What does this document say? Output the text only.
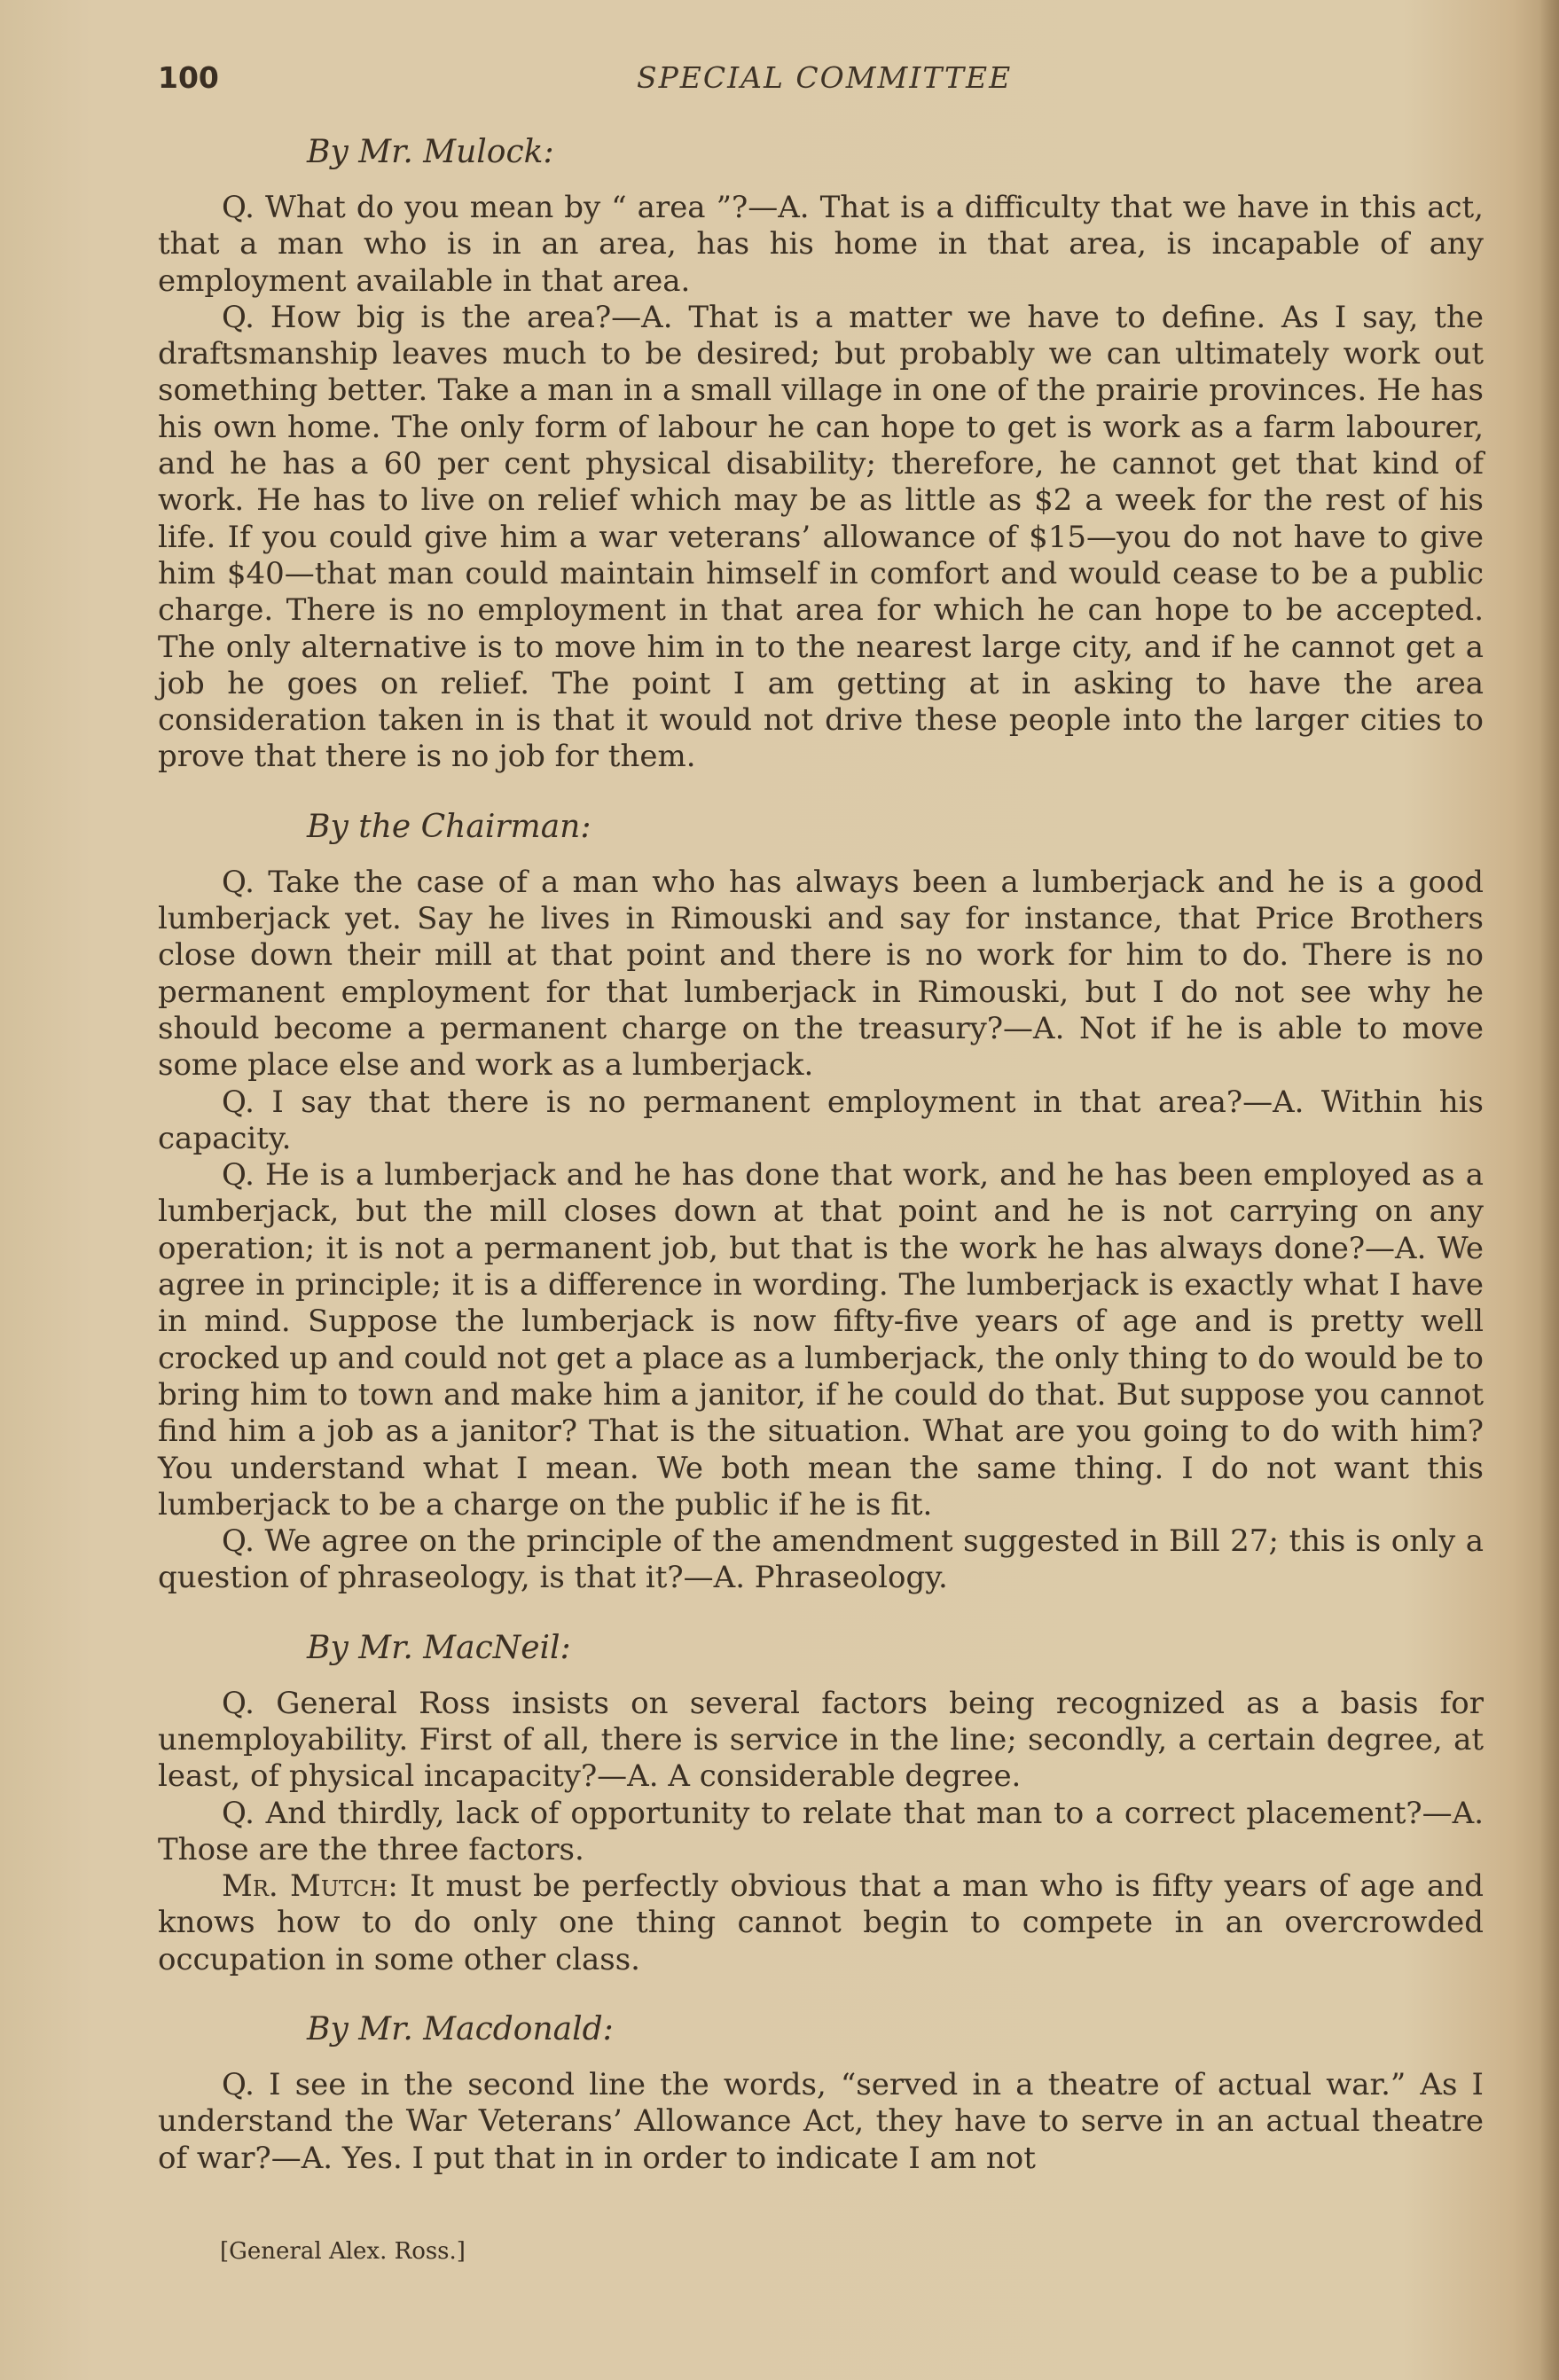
100	SPECIAL COMMITTEE
By Mr. Mulock:

Q. What do you mean by “ area ”?—A. That is a difficulty that we have in this act, that a man who is in an area, has his home in that area, is incapable of any employment available in that area.

Q. How big is the area?—A. That is a matter we have to define. As I say, the draftsmanship leaves much to be desired; but probably we can ultimately work out something better. Take a man in a small village in one of the prairie provinces. He has his own home. The only form of labour he can hope to get is work as a farm labourer, and he has a 60 per cent physical disability; therefore, he cannot get that kind of work. He has to live on relief which may be as little as $2 a week for the rest of his life. If you could give him a war veterans’ allowance of $15—you do not have to give him $40—that man could maintain himself in comfort and would cease to be a public charge. There is no employment in that area for which he can hope to be accepted. The only alternative is to move him in to the nearest large city, and if he cannot get a job he goes on relief. The point I am getting at in asking to have the area consideration taken in is that it would not drive these people into the larger cities to prove that there is no job for them.

By the Chairman:

Q. Take the case of a man who has always been a lumberjack and he is a good lumberjack yet. Say he lives in Rimouski and say for instance, that Price Brothers close down their mill at that point and there is no work for him to do. There is no permanent employment for that lumberjack in Rimouski, but I do not see why he should become a permanent charge on the treasury?—A. Not if he is able to move some place else and work as a lumberjack.

Q. I say that there is no permanent employment in that area?—A. Within his capacity.

Q. He is a lumberjack and he has done that work, and he has been employed as a lumberjack, but the mill closes down at that point and he is not carrying on any operation; it is not a permanent job, but that is the work he has always done?—A. We agree in principle; it is a difference in wording. The lumberjack is exactly what I have in mind. Suppose the lumberjack is now fifty-five years of age and is pretty well crocked up and could not get a place as a lumberjack, the only thing to do would be to bring him to town and make him a janitor, if he could do that. But suppose you cannot find him a job as a janitor? That is the situation. What are you going to do with him? You understand what I mean. We both mean the same thing. I do not want this lumberjack to be a charge on the public if he is fit.

Q. We agree on the principle of the amendment suggested in Bill 27; this is only a question of phraseology, is that it?—A. Phraseology.

By Mr. MacNeil:

Q. General Ross insists on several factors being recognized as a basis for unemployability. First of all, there is service in the line; secondly, a certain degree, at least, of physical incapacity?—A. A considerable degree.

Q. And thirdly, lack of opportunity to relate that man to a correct placement?—A. Those are the three factors.

Mr. Mutch: It must be perfectly obvious that a man who is fifty years of age and knows how to do only one thing cannot begin to compete in an overcrowded occupation in some other class.

By Mr. Macdonald:

Q. I see in the second line the words, “served in a theatre of actual war.” As I understand the War Veterans’ Allowance Act, they have to serve in an actual theatre of war?—A. Yes. I put that in in order to indicate I am not

[General Alex. Ross.]
